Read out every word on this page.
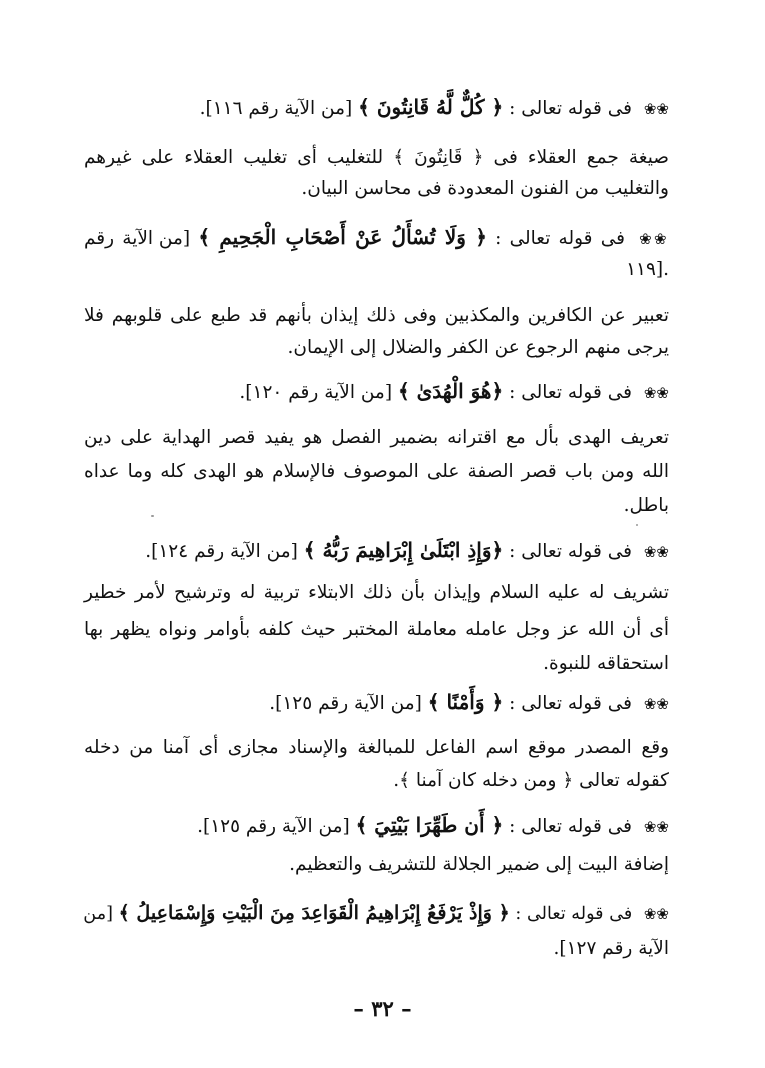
❀❀ فى قوله تعالى : ﴿ كُلٌّ لَّهُ قَانِتُونَ ﴾ [من الآية رقم ١١٦].
صيغة جمع العقلاء فى ﴿ قَانِتُونَ ﴾ للتغليب أى تغليب العقلاء على غيرهم
والتغليب من الفنون المعدودة فى محاسن البيان.
❀❀ فى قوله تعالى : ﴿ وَلَا تُسْأَلُ عَنْ أَصْحَابِ الْجَحِيمِ ﴾ [من الآية رقم
١١٩].
تعبير عن الكافرين والمكذبين وفى ذلك إيذان بأنهم قد طبع على قلوبهم فلا
يرجى منهم الرجوع عن الكفر والضلال إلى الإيمان.
❀❀ فى قوله تعالى : ﴿هُوَ الْهُدَىٰ ﴾ [من الآية رقم ١٢٠].
تعريف الهدى بأل مع اقترانه بضمير الفصل هو يفيد قصر الهداية على دين
الله ومن باب قصر الصفة على الموصوف فالإسلام هو الهدى كله وما عداه
باطل.
❀❀ فى قوله تعالى : ﴿وَإِذِ ابْتَلَىٰ إِبْرَاهِيمَ رَبُّهُ ﴾ [من الآية رقم ١٢٤].
تشريف له عليه السلام وإيذان بأن ذلك الابتلاء تربية له وترشيح لأمر خطير
أى أن الله عز وجل عامله معاملة المختبر حيث كلفه بأوامر ونواه يظهر بها
استحقاقه للنبوة.
❀❀ فى قوله تعالى : ﴿ وَأَمْنًا ﴾ [من الآية رقم ١٢٥].
وقع المصدر موقع اسم الفاعل للمبالغة والإسناد مجازى أى آمنا من دخله
كقوله تعالى ﴿ ومن دخله كان آمنا ﴾.
❀❀ فى قوله تعالى : ﴿ أَن طَهِّرَا بَيْتِيَ ﴾ [من الآية رقم ١٢٥].
إضافة البيت إلى ضمير الجلالة للتشريف والتعظيم.
❀❀ فى قوله تعالى : ﴿ وَإِذْ يَرْفَعُ إِبْرَاهِيمُ الْقَوَاعِدَ مِنَ الْبَيْتِ وَإِسْمَاعِيلُ ﴾ [من
الآية رقم ١٢٧].
– ٣٢ –
